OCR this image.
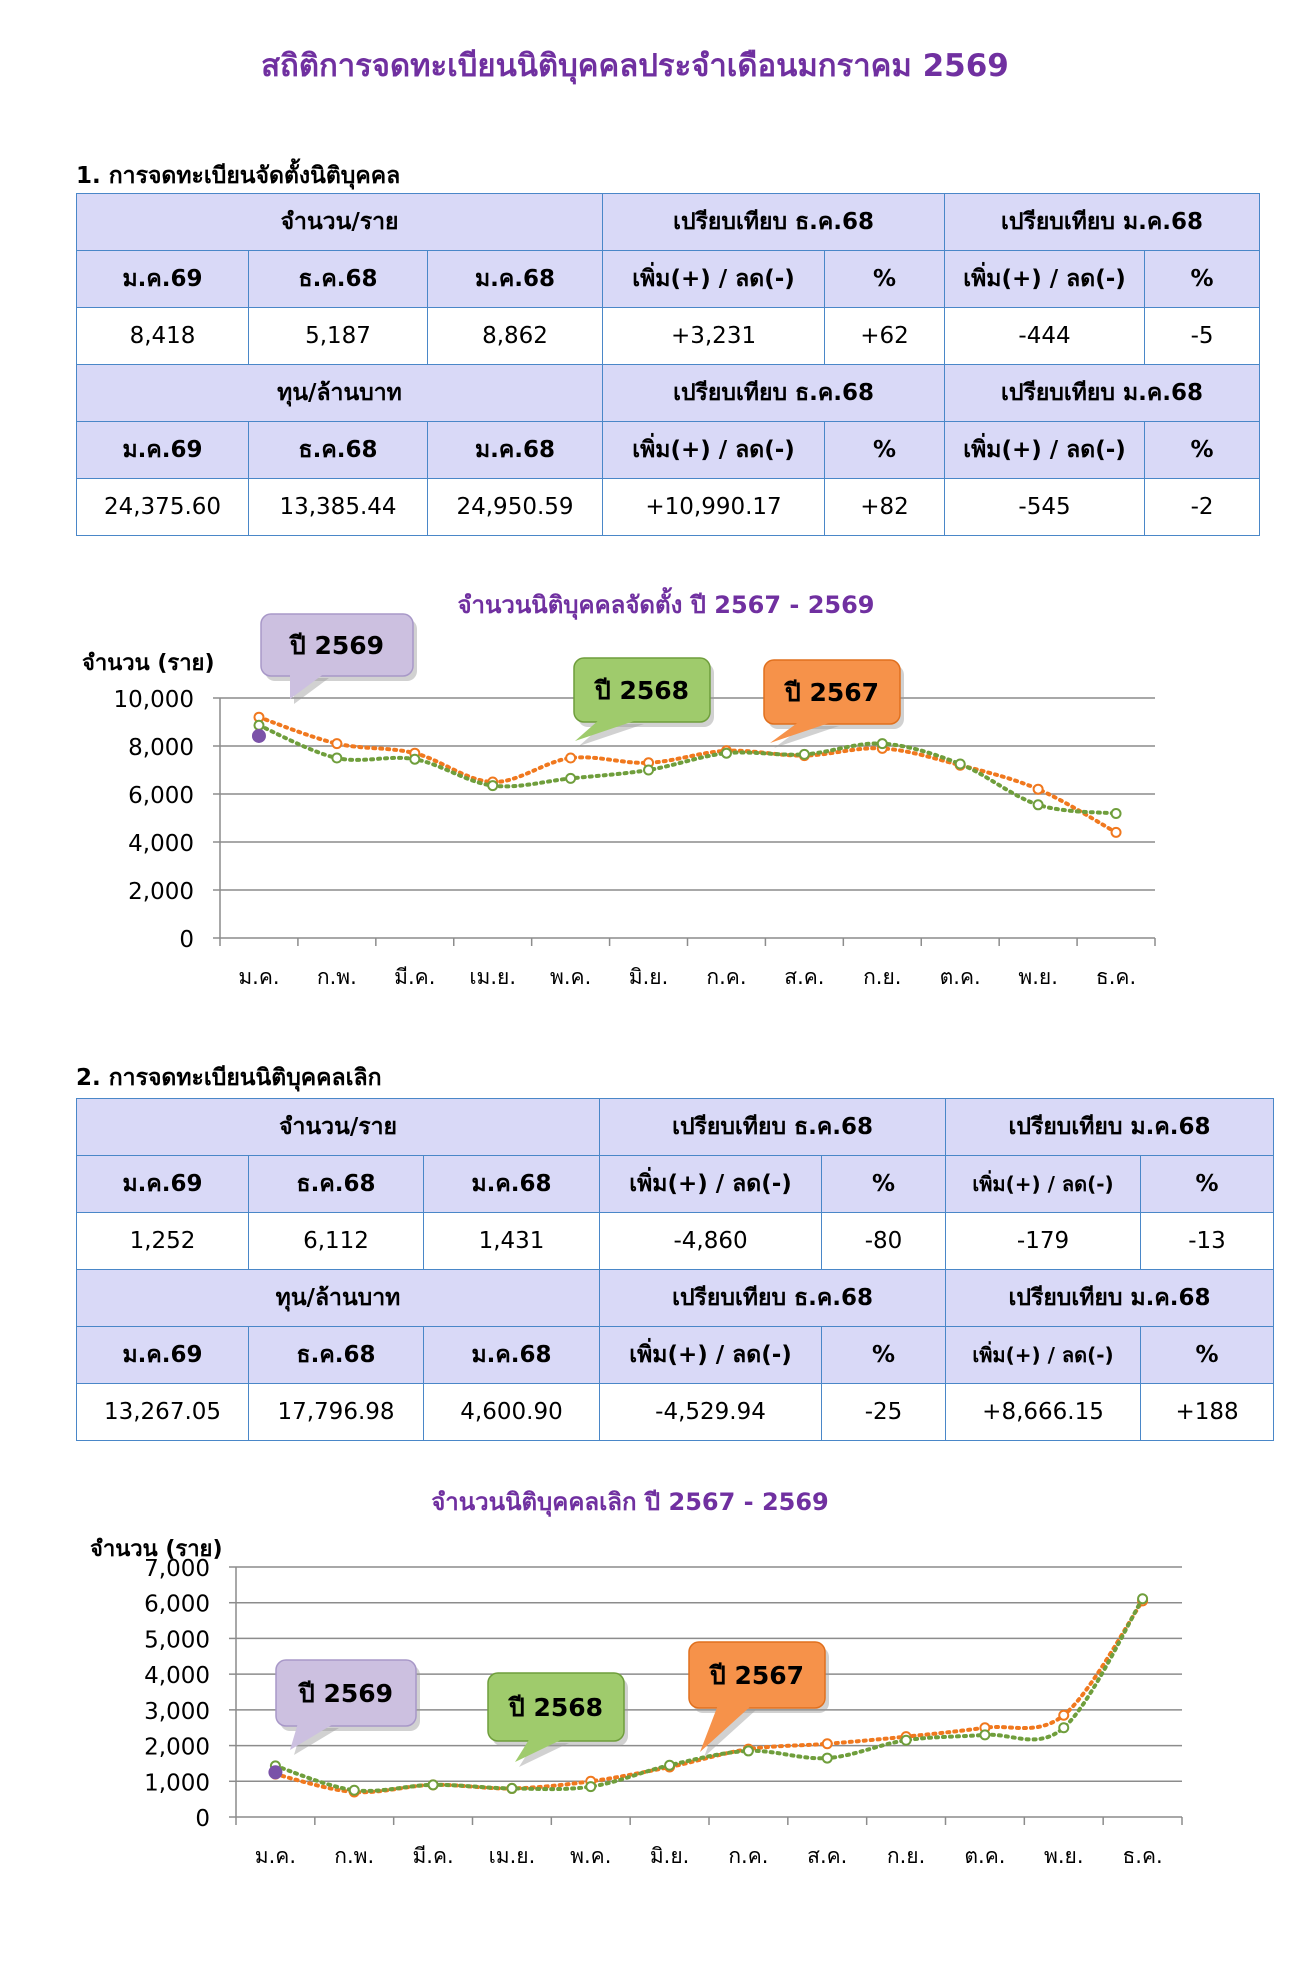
สถิติการจดทะเบียนนิติบุคคลประจำเดือนมกราคม 2569
1. การจดทะเบียนจัดตั้งนิติบุคคล
จำนวน/ราย			เปรียบเทียบ ธ.ค.68		เปรียบเทียบ ม.ค.68	
ม.ค.69	ธ.ค.68	ม.ค.68	เพิ่ม(+) / ลด(-)	%	เพิ่ม(+) / ลด(-)	%
8,418	5,187	8,862	+3,231	+62	-444	-5
ทุน/ล้านบาท			เปรียบเทียบ ธ.ค.68		เปรียบเทียบ ม.ค.68	
ม.ค.69	ธ.ค.68	ม.ค.68	เพิ่ม(+) / ลด(-)	%	เพิ่ม(+) / ลด(-)	%
24,375.60	13,385.44	24,950.59	+10,990.17	+82	-545	-2
จำนวนนิติบุคคลจัดตั้ง ปี 2567 - 2569
จำนวน (ราย)
0
2,000
4,000
6,000
8,000
10,000
ม.ค. ก.พ. มี.ค. เม.ย. พ.ค. มิ.ย. ก.ค. ส.ค. ก.ย. ต.ค. พ.ย. ธ.ค.
ปี 2569
ปี 2568	ปี 2567
2. การจดทะเบียนนิติบุคคลเลิก
จำนวน/ราย			เปรียบเทียบ ธ.ค.68		เปรียบเทียบ ม.ค.68	
ม.ค.69	ธ.ค.68	ม.ค.68	เพิ่ม(+) / ลด(-)	%	เพิ่ม(+) / ลด(-)	%
1,252	6,112	1,431	-4,860	-80	-179	-13
ทุน/ล้านบาท			เปรียบเทียบ ธ.ค.68		เปรียบเทียบ ม.ค.68	
ม.ค.69	ธ.ค.68	ม.ค.68	เพิ่ม(+) / ลด(-)	%	เพิ่ม(+) / ลด(-)	%
13,267.05	17,796.98	4,600.90	-4,529.94	-25	+8,666.15	+188
จำนวนนิติบุคคลเลิก ปี 2567 - 2569
จำนวน (ราย)
0
1,000
2,000
3,000
4,000
5,000
6,000
7,000
ม.ค. ก.พ. มี.ค. เม.ย. พ.ค. มิ.ย. ก.ค. ส.ค. ก.ย. ต.ค. พ.ย. ธ.ค.
ปี 2569	ปี 2568
ปี 2567
